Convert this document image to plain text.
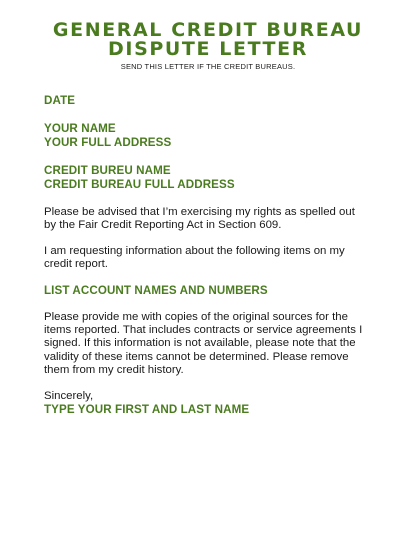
GENERAL CREDIT BUREAU
DISPUTE LETTER
SEND THIS LETTER IF THE CREDIT BUREAUS.
DATE
YOUR NAME
YOUR FULL ADDRESS
CREDIT BUREU NAME
CREDIT BUREAU FULL ADDRESS
Please be advised that I’m exercising my rights as spelled out
by the Fair Credit Reporting Act in Section 609.
I am requesting information about the following items on my
credit report.
LIST ACCOUNT NAMES AND NUMBERS
Please provide me with copies of the original sources for the
items reported. That includes contracts or service agreements I
signed. If this information is not available, please note that the
validity of these items cannot be determined. Please remove
them from my credit history.
Sincerely,
TYPE YOUR FIRST AND LAST NAME
